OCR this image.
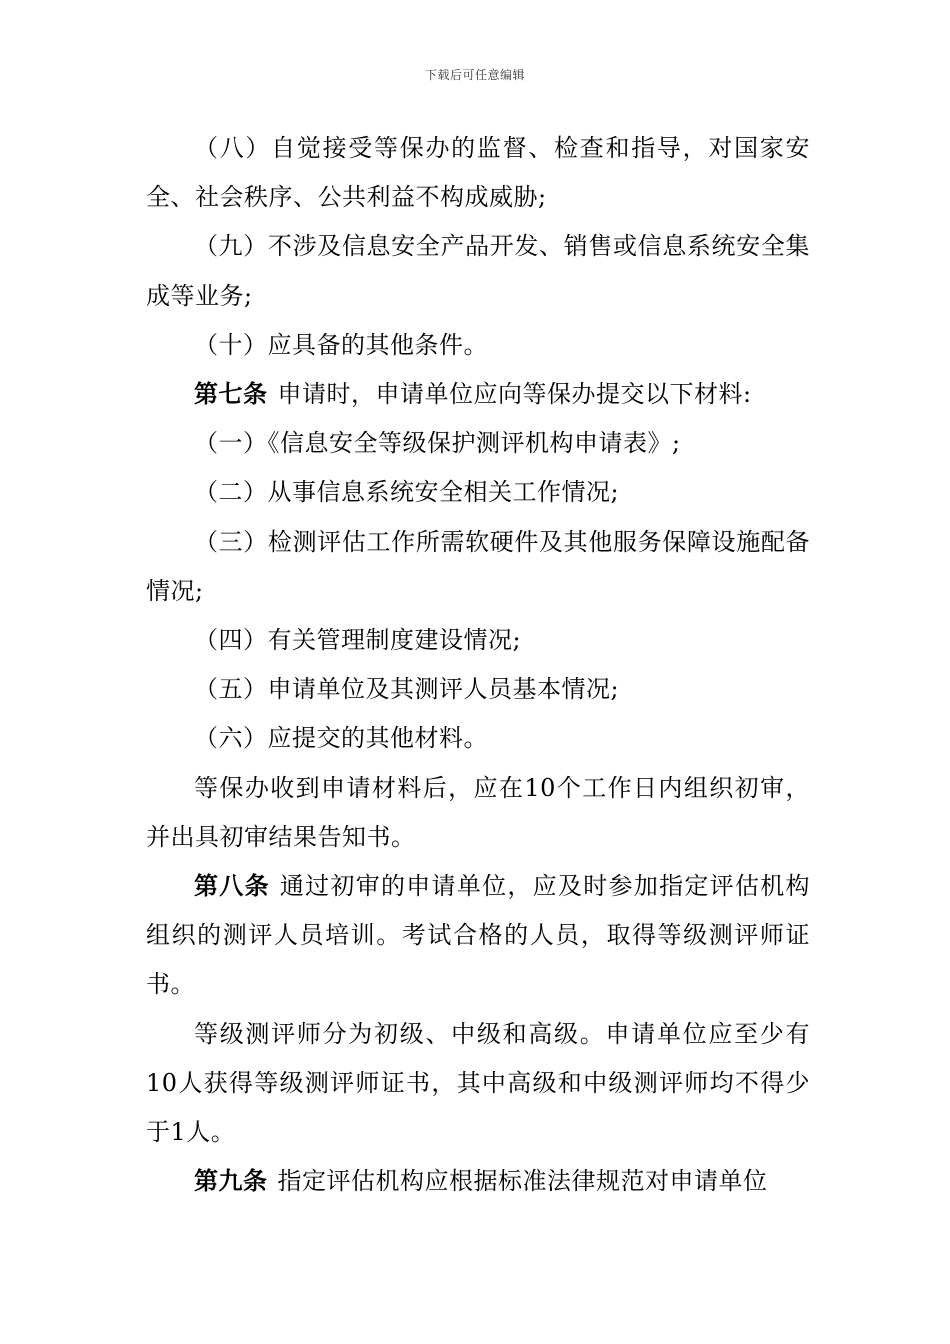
下载后可任意编辑

（八）自觉接受等保办的监督、检查和指导，对国家安全、社会秩序、公共利益不构成威胁;

（九）不涉及信息安全产品开发、销售或信息系统安全集成等业务;

（十）应具备的其他条件。

第七条 申请时，申请单位应向等保办提交以下材料:

（一）《信息安全等级保护测评机构申请表》;

（二）从事信息系统安全相关工作情况;

（三）检测评估工作所需软硬件及其他服务保障设施配备情况;

（四）有关管理制度建设情况;

（五）申请单位及其测评人员基本情况;

（六）应提交的其他材料。

等保办收到申请材料后，应在10个工作日内组织初审，并出具初审结果告知书。

第八条 通过初审的申请单位，应及时参加指定评估机构组织的测评人员培训。考试合格的人员，取得等级测评师证书。

等级测评师分为初级、中级和高级。申请单位应至少有10人获得等级测评师证书，其中高级和中级测评师均不得少于1人。

第九条 指定评估机构应根据标准法律规范对申请单位
